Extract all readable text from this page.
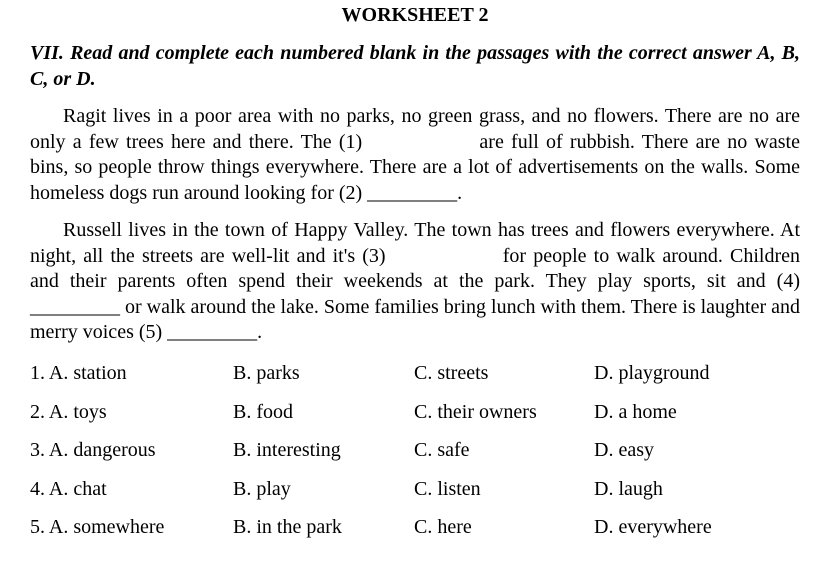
WORKSHEET 2
VII. Read and complete each numbered blank in the passages with the correct answer A, B, C, or D.
Ragit lives in a poor area with no parks, no green grass, and no flowers. There are no are only a few trees here and there. The (1)	are full of rubbish. There are no waste bins, so people throw things everywhere. There are a lot of advertisements on the walls. Some homeless dogs run around looking for (2) _________.
Russell lives in the town of Happy Valley. The town has trees and flowers everywhere. At night, all the streets are well-lit and it's (3)	for people to walk around. Children and their parents often spend their weekends at the park. They play sports, sit and (4) _________ or walk around the lake. Some families bring lunch with them. There is laughter and merry voices (5) _________.
1. A. station	B. parks	C. streets	D. playground
2. A. toys	B. food	C. their owners	D. a home
3. A. dangerous	B. interesting	C. safe	D. easy
4. A. chat	B. play	C. listen	D. laugh
5. A. somewhere	B. in the park	C. here	D. everywhere
